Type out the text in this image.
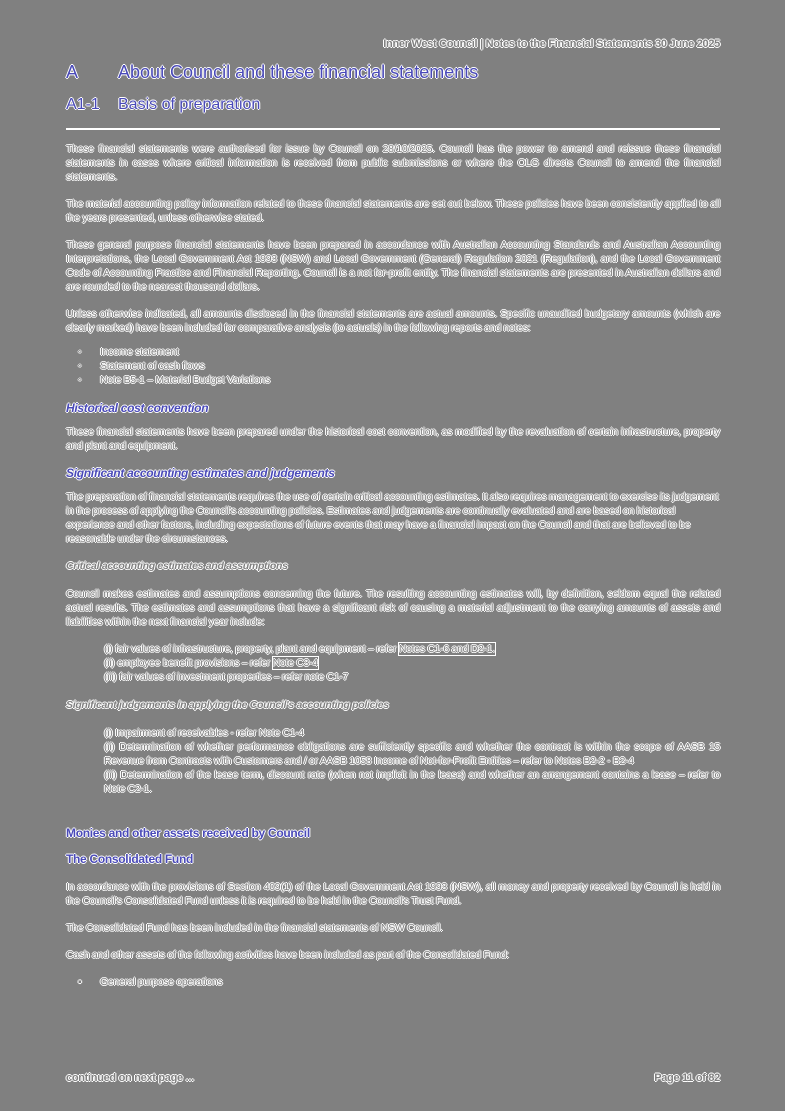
Inner West Council | Notes to the Financial Statements 30 June 2025
A	About Council and these financial statements
A1-1	Basis of preparation

These financial statements were authorised for issue by Council on 28/10/2025. Council has the power to amend and reissue these financial statements in cases where critical information is received from public submissions or where the OLG directs Council to amend the financial statements.

The material accounting policy information related to these financial statements are set out below. These policies have been consistently applied to all the years presented, unless otherwise stated.

These general purpose financial statements have been prepared in accordance with Australian Accounting Standards and Australian Accounting Interpretations, the Local Government Act 1993 (NSW) and Local Government (General) Regulation 2021 (Regulation), and the Local Government Code of Accounting Practice and Financial Reporting. Council is a not for-profit entity. The financial statements are presented in Australian dollars and are rounded to the nearest thousand dollars.

Unless otherwise indicated, all amounts disclosed in the financial statements are actual amounts. Specific unaudited budgetary amounts (which are clearly marked) have been included for comparative analysis (to actuals) in the following reports and notes:

◦ Income statement
◦ Statement of cash flows
◦ Note B5-1 – Material Budget Variations
Historical cost convention

These financial statements have been prepared under the historical cost convention, as modified by the revaluation of certain infrastructure, property and plant and equipment.

Significant accounting estimates and judgements

The preparation of financial statements requires the use of certain critical accounting estimates. It also requires management to exercise its judgement in the process of applying the Council's accounting policies. Estimates and judgements are continually evaluated and are based on historical experience and other factors, including expectations of future events that may have a financial impact on the Council and that are believed to be reasonable under the circumstances.

Critical accounting estimates and assumptions

Council makes estimates and assumptions concerning the future. The resulting accounting estimates will, by definition, seldom equal the related actual results. The estimates and assumptions that have a significant risk of causing a material adjustment to the carrying amounts of assets and liabilities within the next financial year include:

(i) fair values of infrastructure, property, plant and equipment – refer Notes C1-6 and D2-1.
(ii) employee benefit provisions – refer Note C3-4
(iii) fair values of investment properties – refer note C1-7
Significant judgements in applying the Council's accounting policies
(i) Impairment of receivables - refer Note C1-4
(ii) Determination of whether performance obligations are sufficiently specific and whether the contract is within the scope of AASB 15 Revenue from Contracts with Customers and / or AASB 1058 Income of Not-for-Profit Entities – refer to Notes B2-2 - B2-4
(iii) Determination of the lease term, discount rate (when not implicit in the lease) and whether an arrangement contains a lease – refer to Note C2-1.
Monies and other assets received by Council
The Consolidated Fund

In accordance with the provisions of Section 409(1) of the Local Government Act 1993 (NSW), all money and property received by Council is held in the Council's Consolidated Fund unless it is required to be held in the Council's Trust Fund.

The Consolidated Fund has been included in the financial statements of NSW Council.

Cash and other assets of the following activities have been included as part of the Consolidated Fund:

▪ General purpose operations
continued on next page ...	Page 11 of 82
